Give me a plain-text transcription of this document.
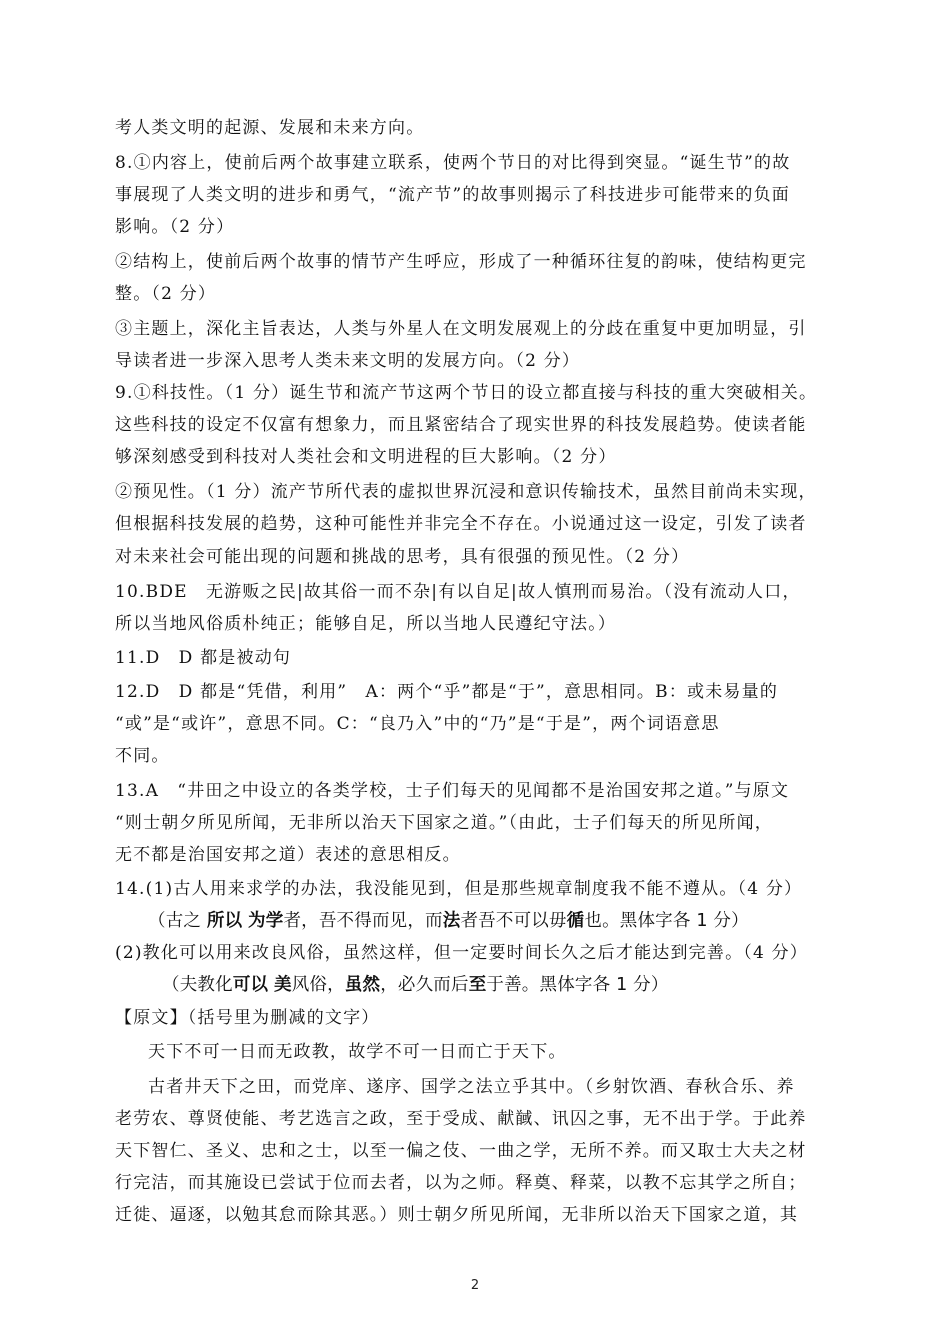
考人类文明的起源、发展和未来方向。
8.①内容上，使前后两个故事建立联系，使两个节日的对比得到突显。“诞生节”的故
事展现了人类文明的进步和勇气，“流产节”的故事则揭示了科技进步可能带来的负面
影响。（2 分）
②结构上，使前后两个故事的情节产生呼应，形成了一种循环往复的韵味，使结构更完
整。（2 分）
③主题上，深化主旨表达，人类与外星人在文明发展观上的分歧在重复中更加明显，引
导读者进一步深入思考人类未来文明的发展方向。（2 分）
9.①科技性。（1 分）诞生节和流产节这两个节日的设立都直接与科技的重大突破相关。
这些科技的设定不仅富有想象力，而且紧密结合了现实世界的科技发展趋势。使读者能
够深刻感受到科技对人类社会和文明进程的巨大影响。（2 分）
②预见性。（1 分）流产节所代表的虚拟世界沉浸和意识传输技术，虽然目前尚未实现，
但根据科技发展的趋势，这种可能性并非完全不存在。小说通过这一设定，引发了读者
对未来社会可能出现的问题和挑战的思考，具有很强的预见性。（2 分）
10.BDE　无游贩之民|故其俗一而不杂|有以自足|故人慎刑而易治。（没有流动人口，
所以当地风俗质朴纯正；能够自足，所以当地人民遵纪守法。）
11.D　D 都是被动句
12.D　D 都是“凭借，利用”　A：两个“乎”都是“于”，意思相同。B：或未易量的
“或”是“或许”，意思不同。C：“良乃入”中的“乃”是“于是”，两个词语意思
不同。
13.A　“井田之中设立的各类学校，士子们每天的见闻都不是治国安邦之道。”与原文
“则士朝夕所见所闻，无非所以治天下国家之道。”（由此，士子们每天的所见所闻，
无不都是治国安邦之道）表述的意思相反。
14.(1)古人用来求学的办法，我没能见到，但是那些规章制度我不能不遵从。（4 分）
（古之 所以 为学者，吾不得而见，而法者吾不可以毋循也。黑体字各 1 分）
(2)教化可以用来改良风俗，虽然这样，但一定要时间长久之后才能达到完善。（4 分）
（夫教化可以 美风俗，虽然，必久而后至于善。黑体字各 1 分）
【原文】（括号里为删减的文字）
天下不可一日而无政教，故学不可一日而亡于天下。
古者井天下之田，而党庠、遂序、国学之法立乎其中。（乡射饮酒、春秋合乐、养
老劳农、尊贤使能、考艺选言之政，至于受成、献馘、讯囚之事，无不出于学。于此养
天下智仁、圣义、忠和之士，以至一偏之伎、一曲之学，无所不养。而又取士大夫之材
行完洁，而其施设已尝试于位而去者，以为之师。释奠、释菜，以教不忘其学之所自；
迁徙、逼逐，以勉其怠而除其恶。）则士朝夕所见所闻，无非所以治天下国家之道，其
2
